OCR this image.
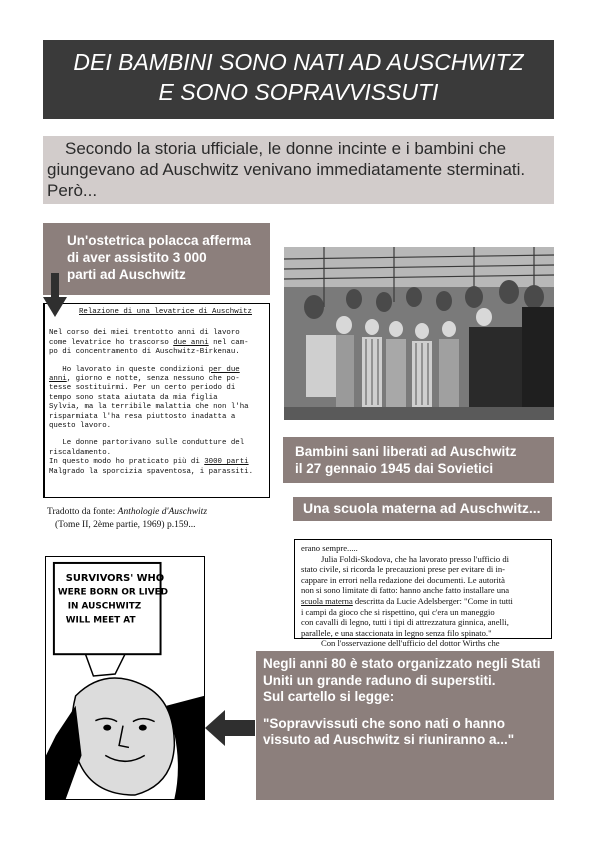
DEI BAMBINI SONO NATI AD AUSCHWITZ
E SONO SOPRAVVISSUTI
Secondo la storia ufficiale, le donne incinte e i bambini che
giungevano ad Auschwitz venivano immediatamente sterminati.
Però...
Un'ostetrica polacca afferma
di aver assistito 3 000
parti ad Auschwitz
Relazione di una levatrice di Auschwitz

Nel corso dei miei trentotto anni di lavoro
come levatrice ho trascorso due anni nel cam-
po di concentramento di Auschwitz-Birkenau.

Ho lavorato in queste condizioni per due
anni, giorno e notte, senza nessuno che po-
tesse sostituirmi. Per un certo periodo di
tempo sono stata aiutata da mia figlia
Sylvia, ma la terribile malattia che non l'ha
risparmiata l'ha resa piuttosto inadatta a
questo lavoro.

Le donne partorivano sulle condutture del
riscaldamento.
In questo modo ho praticato più di 3000 parti
Malgrado la sporcizia spaventosa, i parassiti.

Tradotto da fonte: Anthologie d'Auschwitz
(Tome II, 2ème partie, 1969) p.159...
Bambini sani liberati ad Auschwitz
il 27 gennaio 1945 dai Sovietici
Una scuola materna ad Auschwitz...
erano sempre.....
Julia Foldi-Skodova, che ha lavorato presso l'ufficio di
stato civile, si ricorda le precauzioni prese per evitare di in-
cappare in errori nella redazione dei documenti. Le autorità
non si sono limitate di fatto: hanno anche fatto installare una
scuola materna descritta da Lucie Adelsberger: "Come in tutti
i campi da gioco che si rispettino, qui c'era un maneggio
con cavalli di legno, tutti i tipi di attrezzatura ginnica, anelli,
parallele, e una staccionata in legno senza filo spinato."
Con l'osservazione dell'ufficio del dottor Wirths che
SURVIVORS' WHO
WERE BORN OR LIVED
IN AUSCHWITZ
WILL MEET AT
Negli anni 80 è stato organizzato negli Stati
Uniti un grande raduno di superstiti.
Sul cartello si legge:
"Sopravvissuti che sono nati o hanno
vissuto ad Auschwitz si riuniranno a..."
